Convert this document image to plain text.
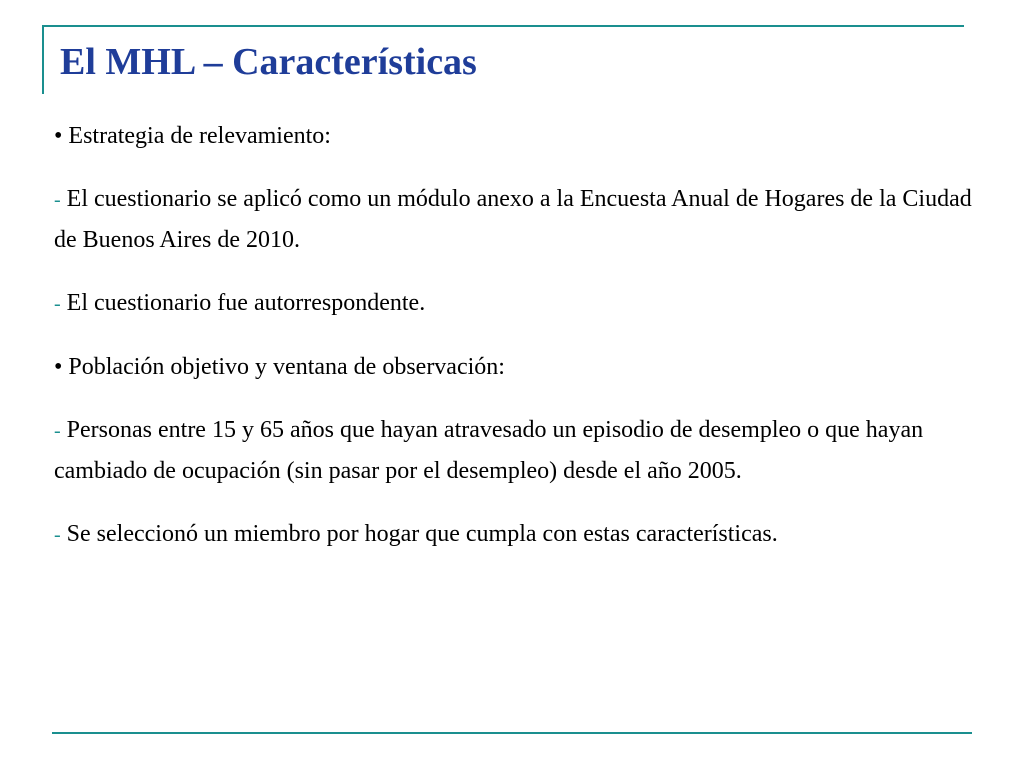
El MHL – Características

• Estrategia de relevamiento:

- El cuestionario se aplicó como un módulo anexo a la Encuesta Anual de Hogares de la Ciudad de Buenos Aires de 2010.

- El cuestionario fue autorrespondente.

• Población objetivo y ventana de observación:

- Personas entre 15 y 65 años que hayan atravesado un episodio de desempleo o que hayan cambiado de ocupación (sin pasar por el desempleo) desde el año 2005.

- Se seleccionó un miembro por hogar que cumpla con estas características.
